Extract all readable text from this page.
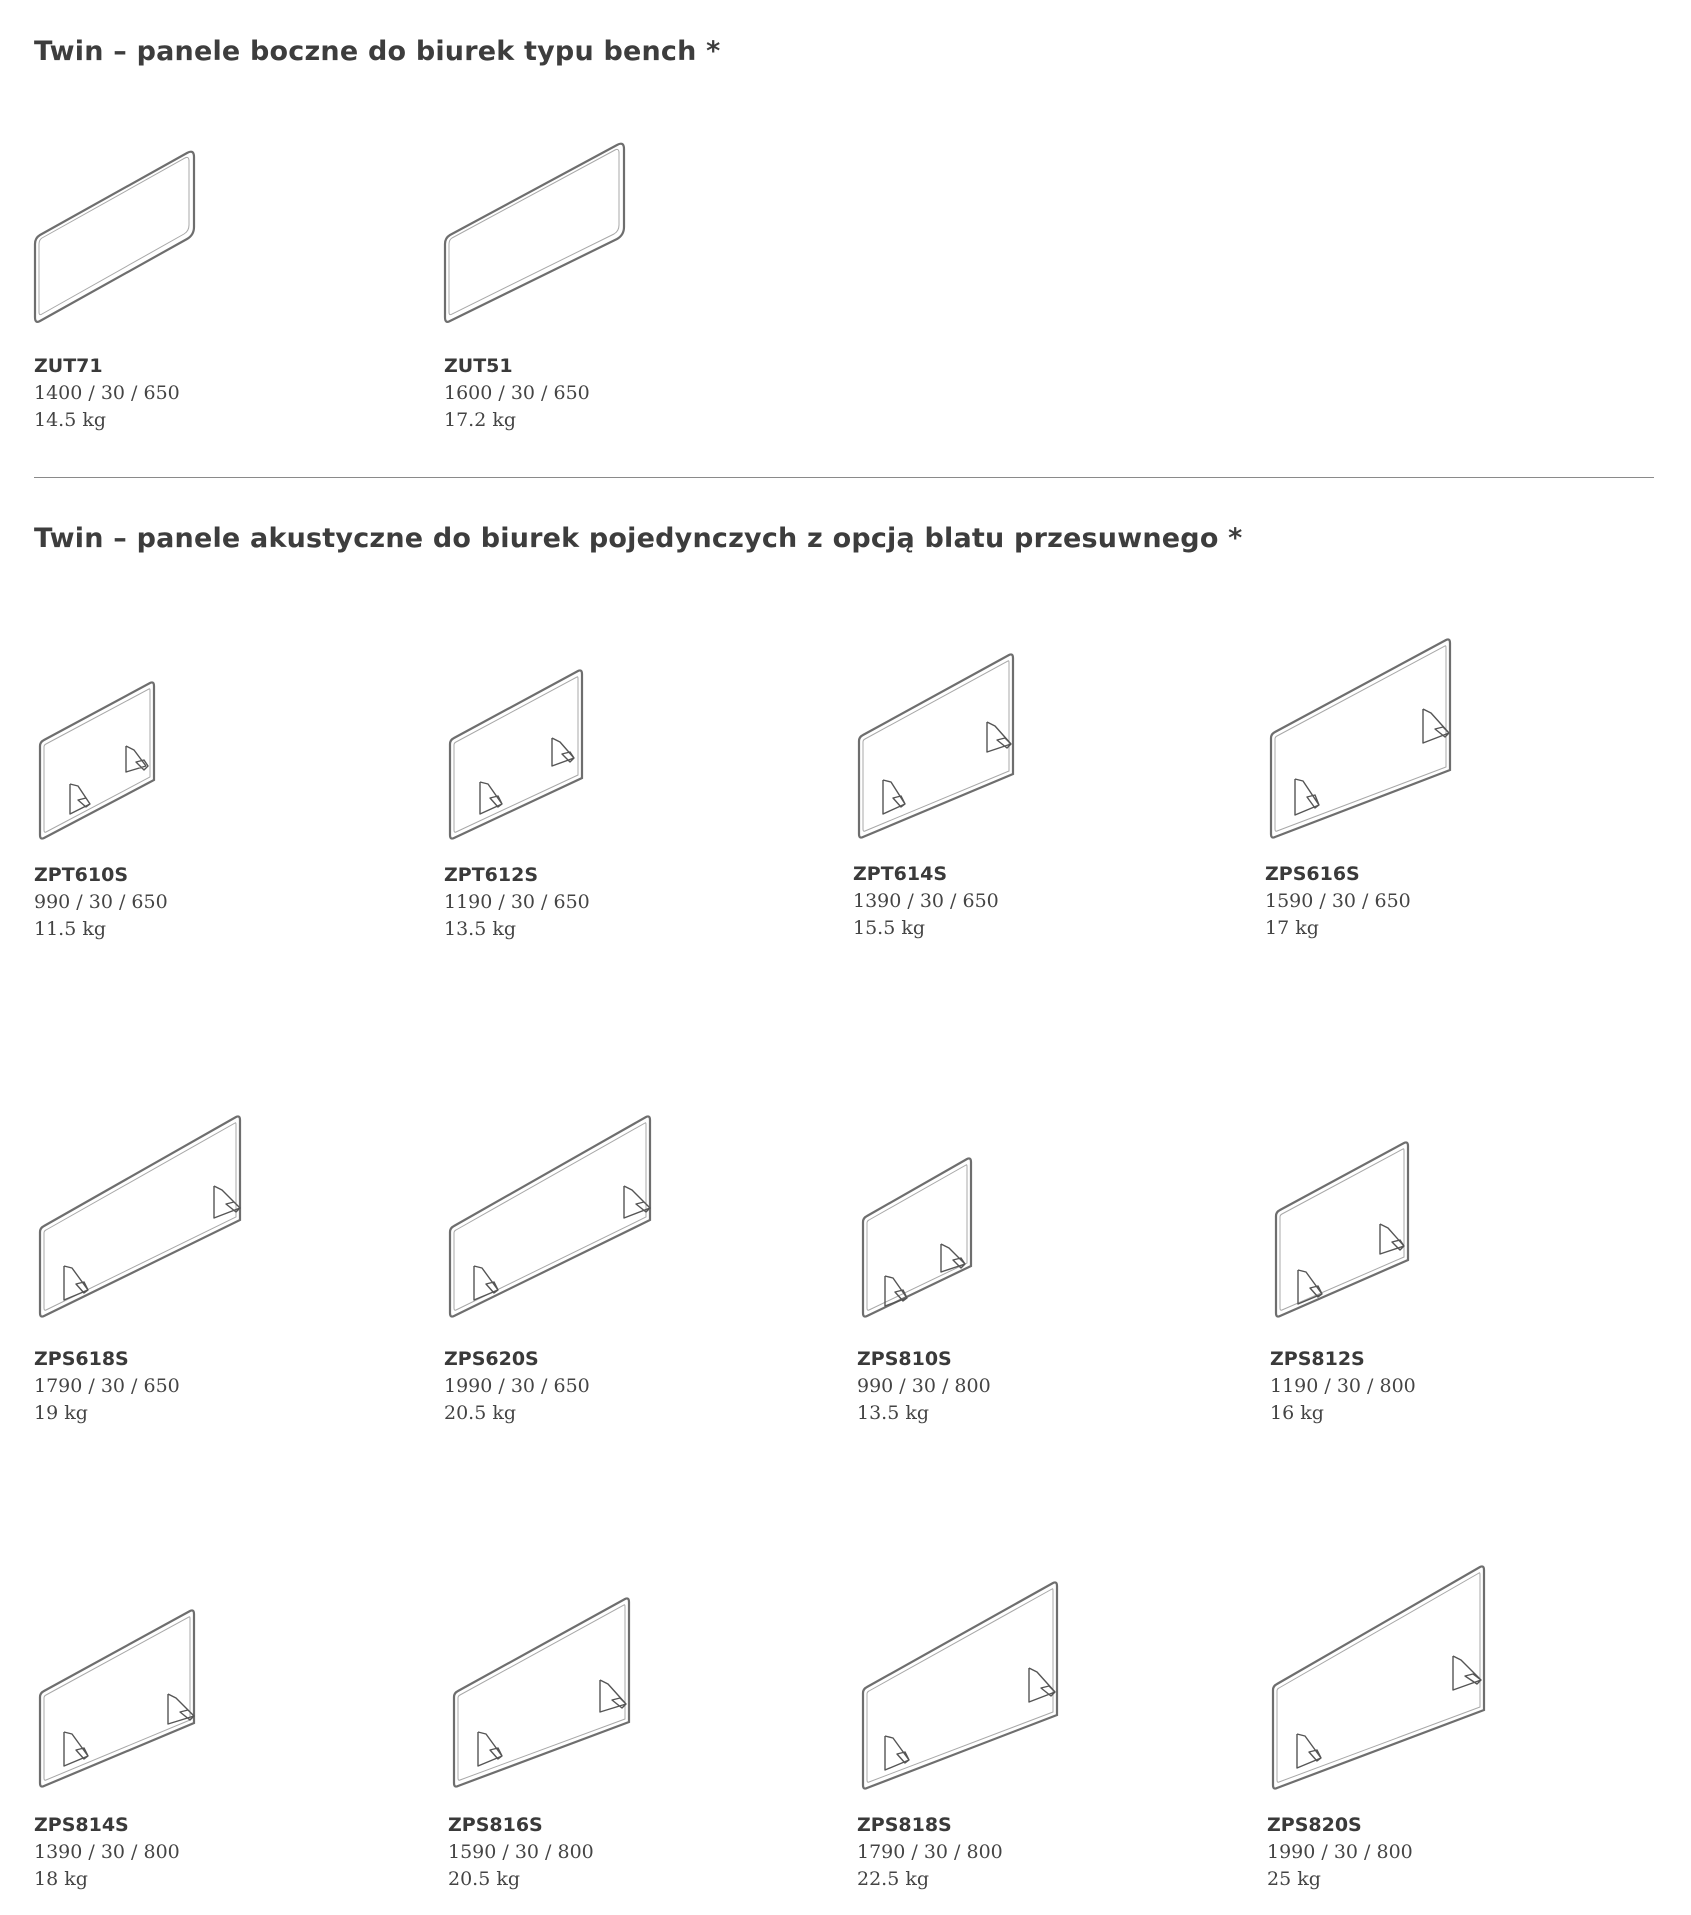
Twin – panele boczne do biurek typu bench *
ZUT71
1400 / 30 / 650
14.5 kg
ZUT51
1600 / 30 / 650
17.2 kg
Twin – panele akustyczne do biurek pojedynczych z opcją blatu przesuwnego *
ZPT610S
990 / 30 / 650
11.5 kg
ZPT612S
1190 / 30 / 650
13.5 kg
ZPT614S
1390 / 30 / 650
15.5 kg
ZPS616S
1590 / 30 / 650
17 kg
ZPS618S
1790 / 30 / 650
19 kg
ZPS620S
1990 / 30 / 650
20.5 kg
ZPS810S
990 / 30 / 800
13.5 kg
ZPS812S
1190 / 30 / 800
16 kg
ZPS814S
1390 / 30 / 800
18 kg
ZPS816S
1590 / 30 / 800
20.5 kg
ZPS818S
1790 / 30 / 800
22.5 kg
ZPS820S
1990 / 30 / 800
25 kg
